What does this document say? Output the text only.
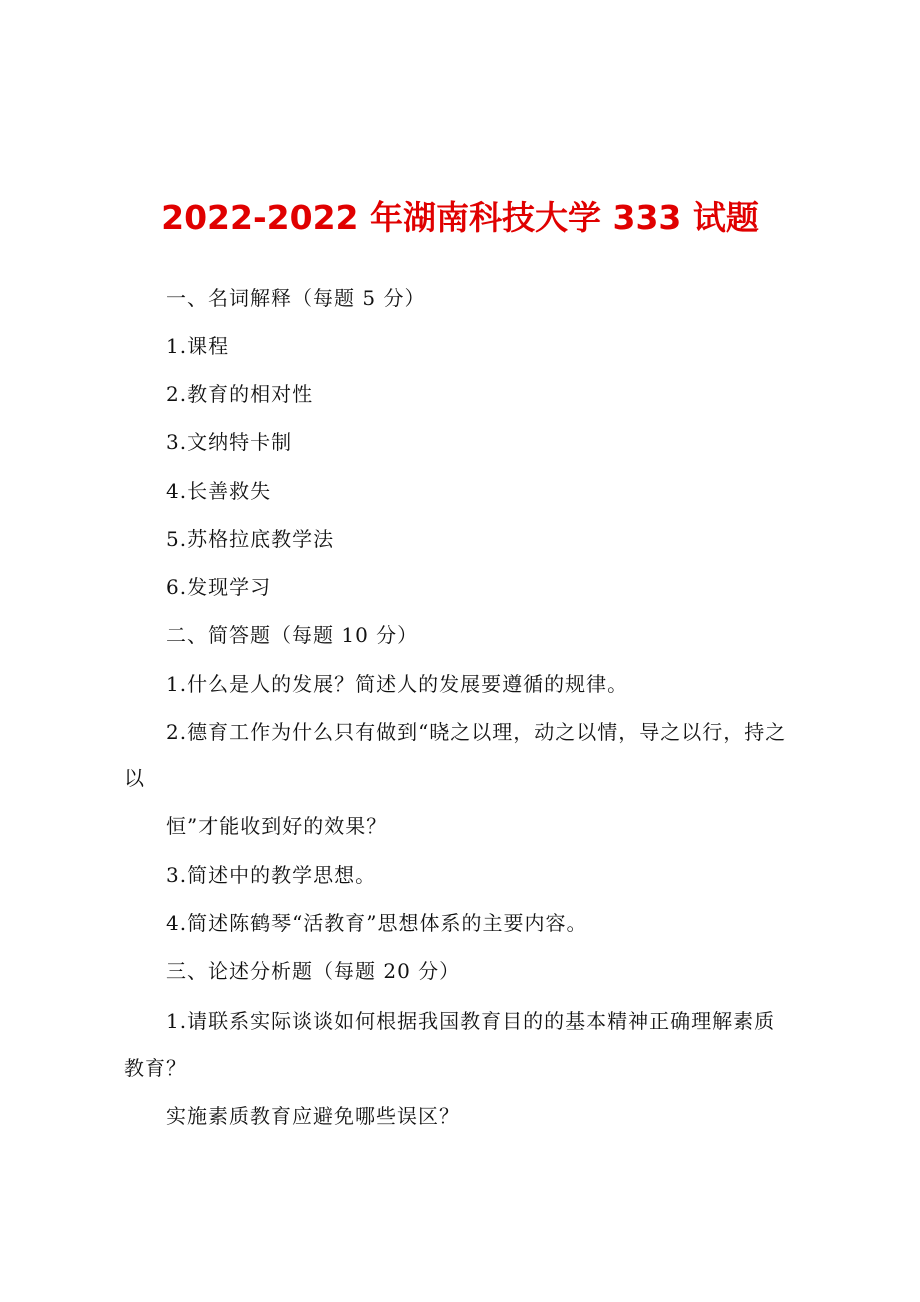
2022-2022 年湖南科技大学 333 试题
一、名词解释（每题 5 分）
1.课程
2.教育的相对性
3.文纳特卡制
4.长善救失
5.苏格拉底教学法
6.发现学习
二、简答题（每题 10 分）
1.什么是人的发展？简述人的发展要遵循的规律。
2.德育工作为什么只有做到“晓之以理，动之以情，导之以行，持之
以
恒”才能收到好的效果？
3.简述中的教学思想。
4.简述陈鹤琴“活教育”思想体系的主要内容。
三、论述分析题（每题 20 分）
1.请联系实际谈谈如何根据我国教育目的的基本精神正确理解素质
教育？
实施素质教育应避免哪些误区？
